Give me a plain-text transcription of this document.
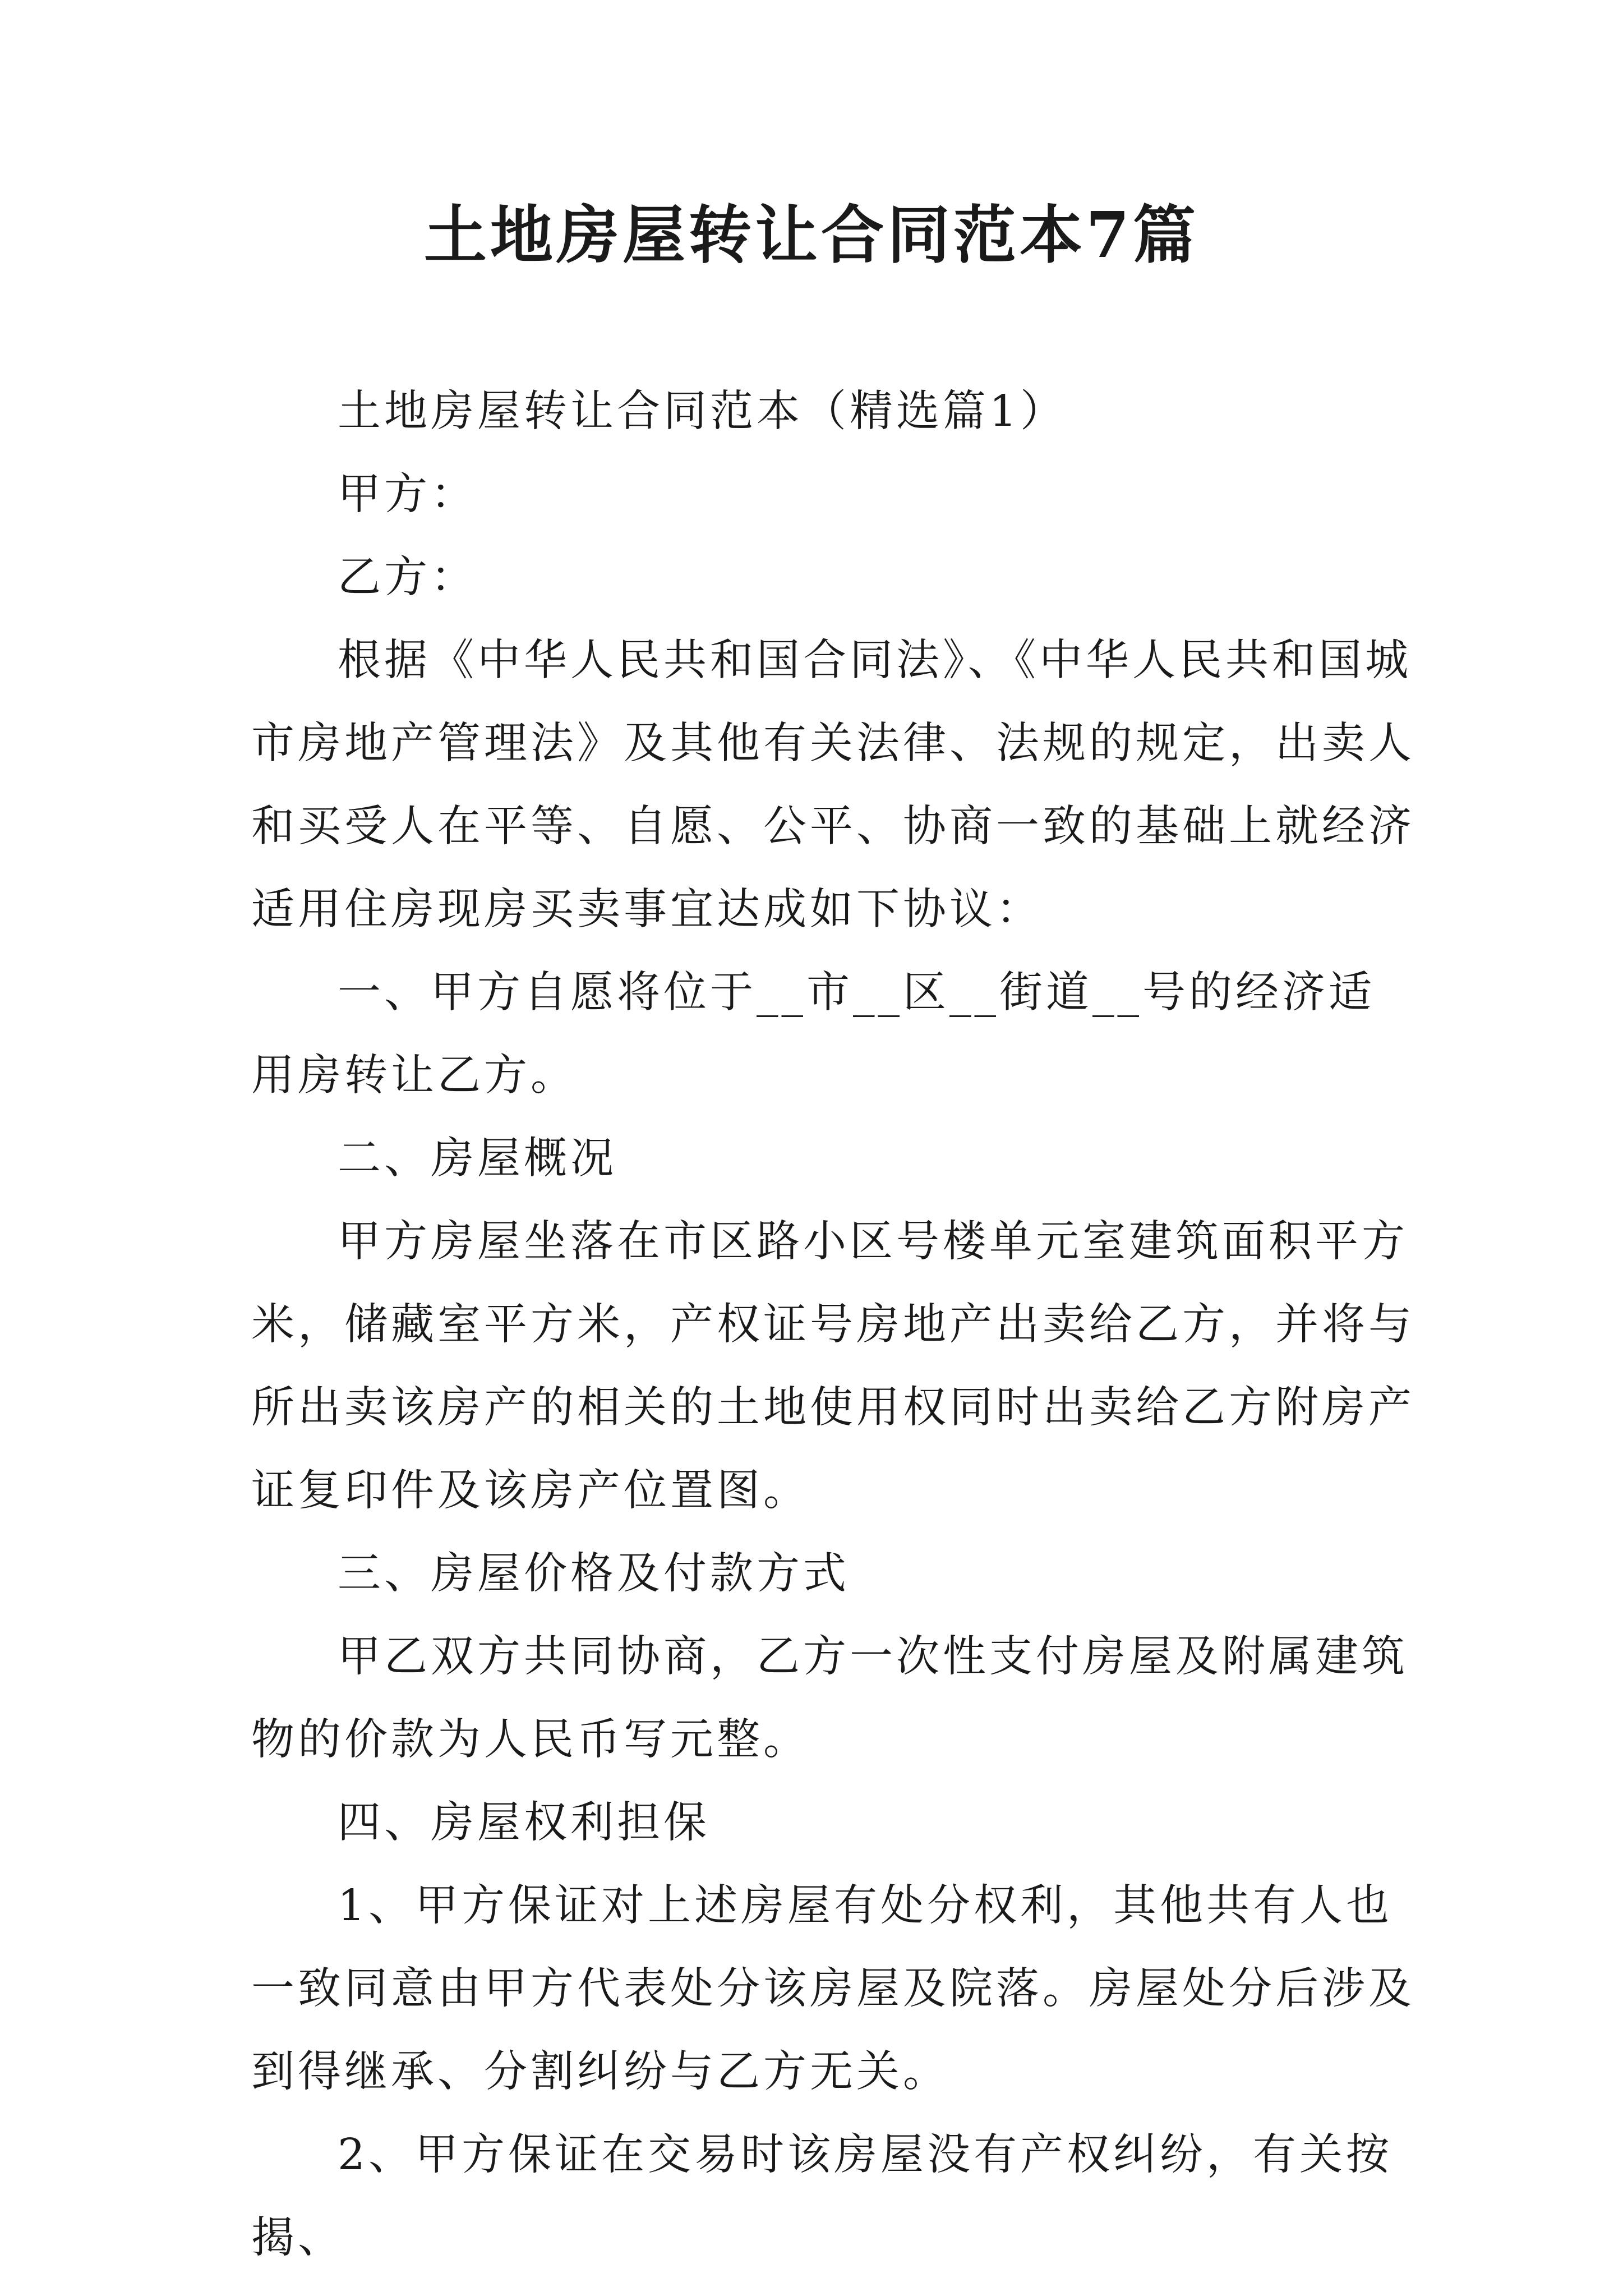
土地房屋转让合同范本7篇

土地房屋转让合同范本（精选篇1）

甲方：

乙方：

根据《中华人民共和国合同法》、《中华人民共和国城市房地产管理法》及其他有关法律、法规的规定，出卖人和买受人在平等、自愿、公平、协商一致的基础上就经济适用住房现房买卖事宜达成如下协议：

一、甲方自愿将位于__市__区__街道__号的经济适用房转让乙方。

二、房屋概况

甲方房屋坐落在市区路小区号楼单元室建筑面积平方米，储藏室平方米，产权证号房地产出卖给乙方，并将与所出卖该房产的相关的土地使用权同时出卖给乙方附房产证复印件及该房产位置图。

三、房屋价格及付款方式

甲乙双方共同协商，乙方一次性支付房屋及附属建筑物的价款为人民币写元整。

四、房屋权利担保

1、甲方保证对上述房屋有处分权利，其他共有人也一致同意由甲方代表处分该房屋及院落。房屋处分后涉及到得继承、分割纠纷与乙方无关。

2、甲方保证在交易时该房屋没有产权纠纷，有关按揭、
